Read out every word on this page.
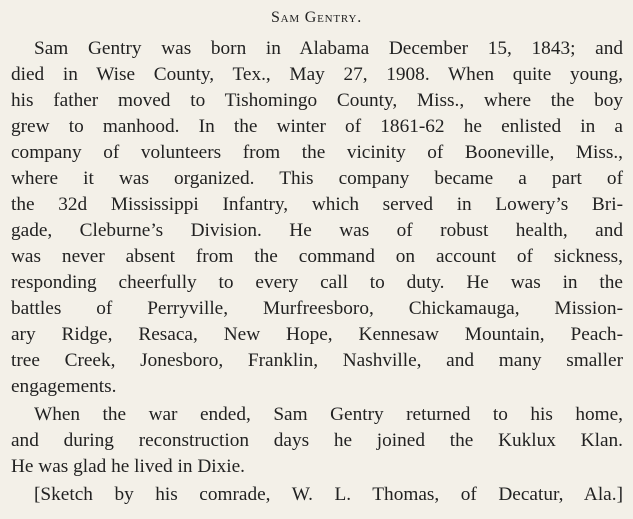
Sam Gentry.
Sam Gentry was born in Alabama December 15, 1843; and
died in Wise County, Tex., May 27, 1908. When quite young,
his father moved to Tishomingo County, Miss., where the boy
grew to manhood. In the winter of 1861-62 he enlisted in a
company of volunteers from the vicinity of Booneville, Miss.,
where it was organized. This company became a part of
the 32d Mississippi Infantry, which served in Lowery’s Bri-
gade, Cleburne’s Division. He was of robust health, and
was never absent from the command on account of sickness,
responding cheerfully to every call to duty. He was in the
battles of Perryville, Murfreesboro, Chickamauga, Mission-
ary Ridge, Resaca, New Hope, Kennesaw Mountain, Peach-
tree Creek, Jonesboro, Franklin, Nashville, and many smaller
engagements.
When the war ended, Sam Gentry returned to his home,
and during reconstruction days he joined the Kuklux Klan.
He was glad he lived in Dixie.
[Sketch by his comrade, W. L. Thomas, of Decatur, Ala.]
